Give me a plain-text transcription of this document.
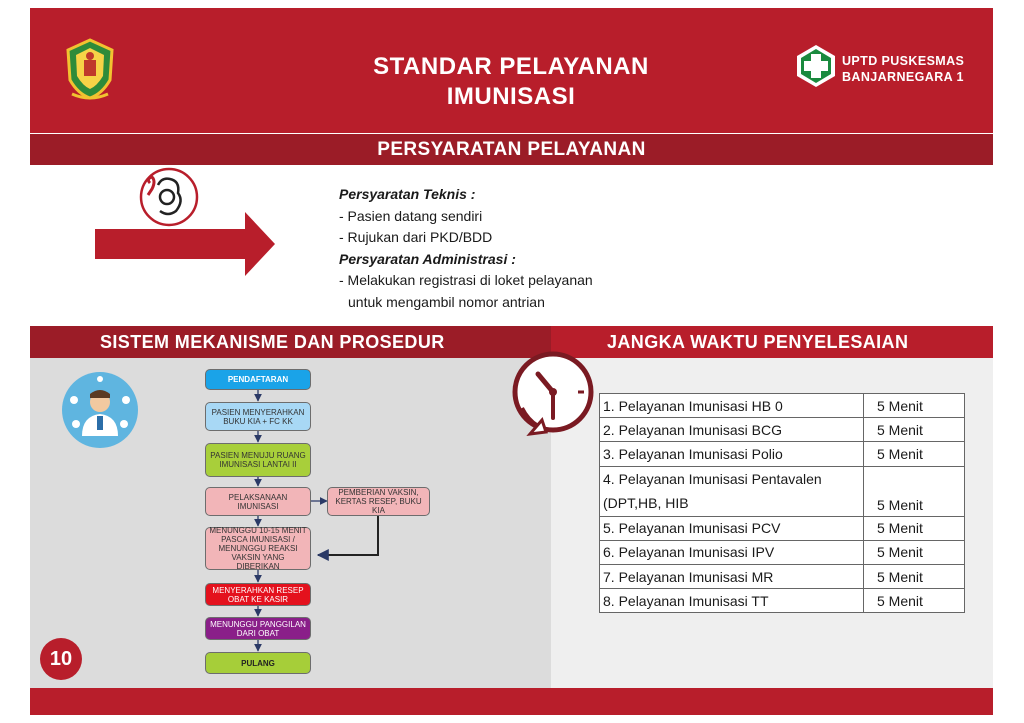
STANDAR PELAYANAN
IMUNISASI
UPTD PUSKESMAS
BANJARNEGARA 1
PERSYARATAN PELAYANAN
Persyaratan Teknis :
- Pasien datang sendiri
- Rujukan dari PKD/BDD
Persyaratan Administrasi :
- Melakukan registrasi di loket pelayanan
untuk mengambil nomor antrian
SISTEM MEKANISME DAN PROSEDUR	JANGKA WAKTU PENYELESAIAN
PENDAFTARAN
PASIEN MENYERAHKAN BUKU KIA + FC KK
PASIEN MENUJU RUANG IMUNISASI LANTAI II
PELAKSANAAN IMUNISASI
PEMBERIAN VAKSIN, KERTAS RESEP, BUKU KIA
MENUNGGU 10-15 MENIT PASCA IMUNISASI / MENUNGGU REAKSI VAKSIN YANG DIBERIKAN
MENYERAHKAN RESEP OBAT KE KASIR
MENUNGGU PANGGILAN DARI OBAT
PULANG
1. Pelayanan Imunisasi HB 0	5 Menit
2. Pelayanan Imunisasi BCG	5 Menit
3. Pelayanan Imunisasi Polio	5 Menit

4. Pelayanan Imunisasi Pentavalen
(DPT,HB, HIB	5 Menit
5. Pelayanan Imunisasi PCV	5 Menit
6. Pelayanan Imunisasi IPV	5 Menit
7. Pelayanan Imunisasi MR	5 Menit
8. Pelayanan Imunisasi TT	5 Menit
10
